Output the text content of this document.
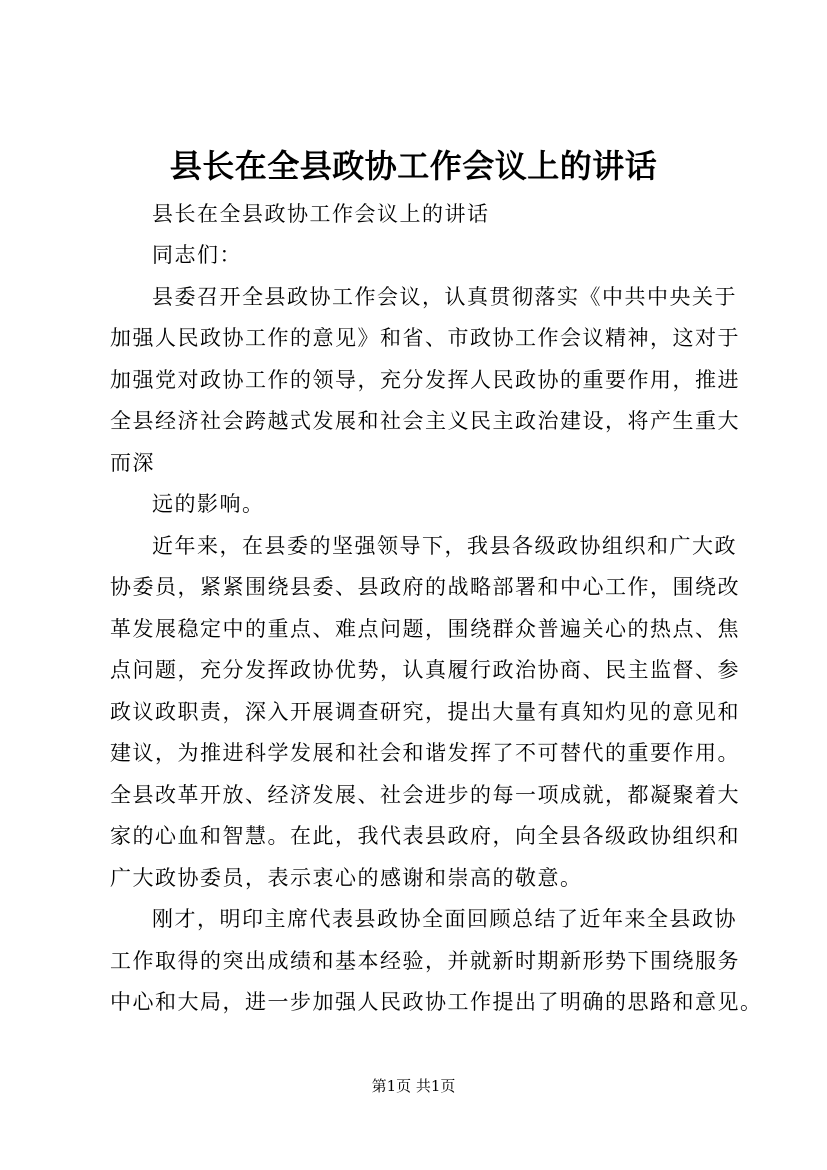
县长在全县政协工作会议上的讲话
县长在全县政协工作会议上的讲话
同志们：
县委召开全县政协工作会议，认真贯彻落实《中共中央关于
加强人民政协工作的意见》和省、市政协工作会议精神，这对于
加强党对政协工作的领导，充分发挥人民政协的重要作用，推进
全县经济社会跨越式发展和社会主义民主政治建设，将产生重大
而深
远的影响。
近年来，在县委的坚强领导下，我县各级政协组织和广大政
协委员，紧紧围绕县委、县政府的战略部署和中心工作，围绕改
革发展稳定中的重点、难点问题，围绕群众普遍关心的热点、焦
点问题，充分发挥政协优势，认真履行政治协商、民主监督、参
政议政职责，深入开展调查研究，提出大量有真知灼见的意见和
建议，为推进科学发展和社会和谐发挥了不可替代的重要作用。
全县改革开放、经济发展、社会进步的每一项成就，都凝聚着大
家的心血和智慧。在此，我代表县政府，向全县各级政协组织和
广大政协委员，表示衷心的感谢和崇高的敬意。
刚才，明印主席代表县政协全面回顾总结了近年来全县政协
工作取得的突出成绩和基本经验，并就新时期新形势下围绕服务
中心和大局，进一步加强人民政协工作提出了明确的思路和意见。
第1页 共1页
